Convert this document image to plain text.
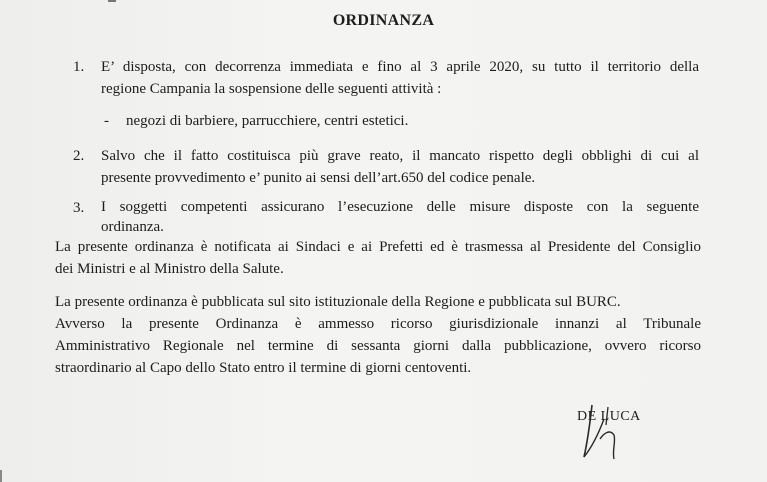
ORDINANZA
1. E’ disposta, con decorrenza immediata e fino al 3 aprile 2020, su tutto il territorio della
regione Campania la sospensione delle seguenti attività :
- negozi di barbiere, parrucchiere, centri estetici.
2. Salvo che il fatto costituisca più grave reato, il mancato rispetto degli obblighi di cui al
presente provvedimento e’ punito ai sensi dell’art.650 del codice penale.
3. I soggetti competenti assicurano l’esecuzione delle misure disposte con la seguente
ordinanza.
La presente ordinanza è notificata ai Sindaci e ai Prefetti ed è trasmessa al Presidente del Consiglio
dei Ministri e al Ministro della Salute.
La presente ordinanza è pubblicata sul sito istituzionale della Regione e pubblicata sul BURC.
Avverso la presente Ordinanza è ammesso ricorso giurisdizionale innanzi al Tribunale
Amministrativo Regionale nel termine di sessanta giorni dalla pubblicazione, ovvero ricorso
straordinario al Capo dello Stato entro il termine di giorni centoventi.
DE LUCA
